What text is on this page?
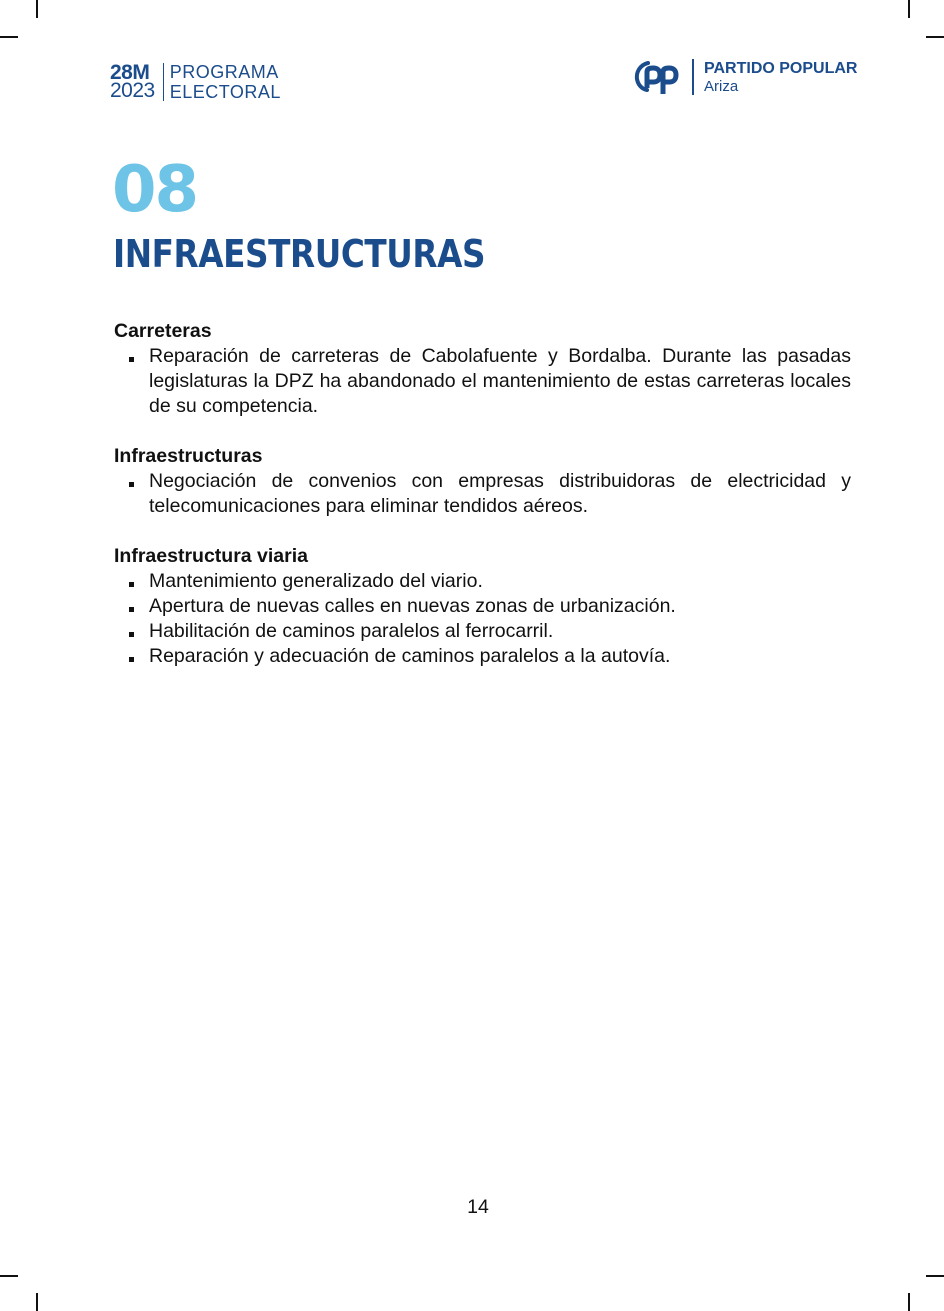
28M
2023
PROGRAMA
ELECTORAL
PARTIDO POPULAR
Ariza
08
INFRAESTRUCTURAS
Carreteras
Reparación de carreteras de Cabolafuente y Bordalba. Durante las pasadas legislaturas la DPZ ha abandonado el mantenimiento de estas carreteras locales de su competencia.
Infraestructuras
Negociación de convenios con empresas distribuidoras de electricidad y telecomunicaciones para eliminar tendidos aéreos.
Infraestructura viaria
Mantenimiento generalizado del viario.
Apertura de nuevas calles en nuevas zonas de urbanización.
Habilitación de caminos paralelos al ferrocarril.
Reparación y adecuación de caminos paralelos a la autovía.
14
